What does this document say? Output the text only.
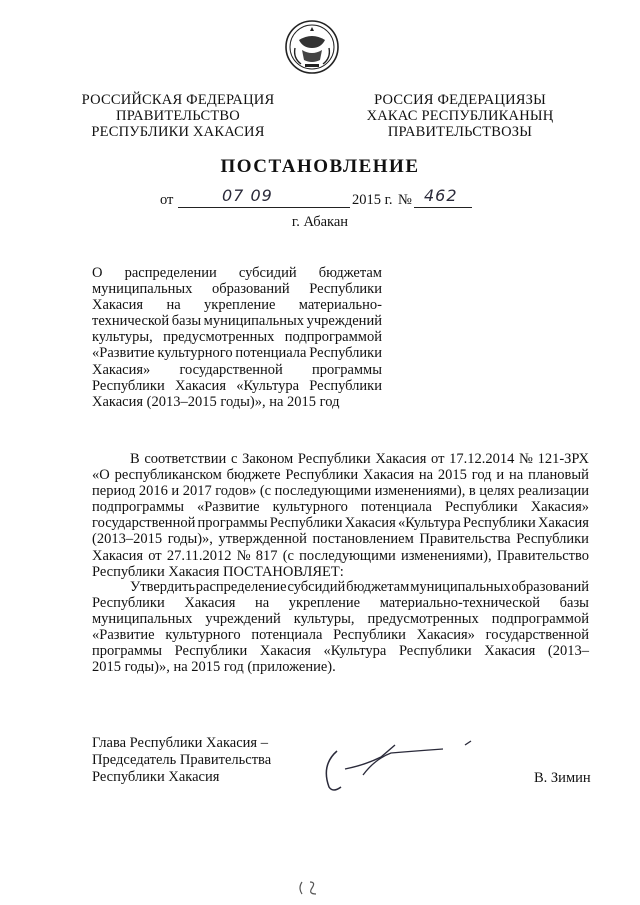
РОССИЙСКАЯ ФЕДЕРАЦИЯ
ПРАВИТЕЛЬСТВО
РЕСПУБЛИКИ ХАКАСИЯ
РОССИЯ ФЕДЕРАЦИЯЗЫ
ХАКАС РЕСПУБЛИКАНЫҢ
ПРАВИТЕЛЬСТВОЗЫ
ПОСТАНОВЛЕНИЕ
от	07 09	2015 г. № 462
г. Абакан
О распределении субсидий бюджетам
муниципальных образований Республики
Хакасия на укрепление материально-
технической базы муниципальных учреждений
культуры, предусмотренных подпрограммой
«Развитие культурного потенциала Республики
Хакасия» государственной программы
Республики Хакасия «Культура Республики
Хакасия (2013–2015 годы)», на 2015 год
В соответствии с Законом Республики Хакасия от 17.12.2014 № 121-ЗРХ
«О республиканском бюджете Республики Хакасия на 2015 год и на плановый
период 2016 и 2017 годов» (с последующими изменениями), в целях реализации
подпрограммы «Развитие культурного потенциала Республики Хакасия»
государственной программы Республики Хакасия «Культура Республики Хакасия
(2013–2015 годы)», утвержденной постановлением Правительства Республики
Хакасия от 27.11.2012 № 817 (с последующими изменениями), Правительство
Республики Хакасия ПОСТАНОВЛЯЕТ:
Утвердить распределение субсидий бюджетам муниципальных образований
Республики Хакасия на укрепление материально-технической базы
муниципальных учреждений культуры, предусмотренных подпрограммой
«Развитие культурного потенциала Республики Хакасия» государственной
программы Республики Хакасия «Культура Республики Хакасия (2013–
2015 годы)», на 2015 год (приложение).
Глава Республики Хакасия –
Председатель Правительства
Республики Хакасия	В. Зимин
